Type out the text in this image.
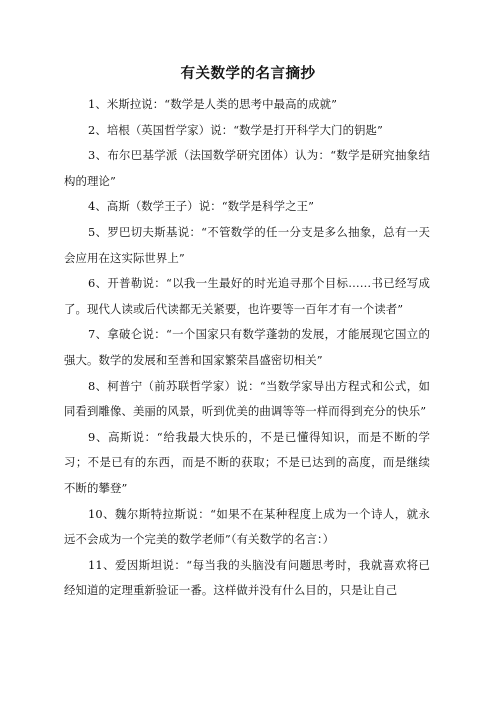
有关数学的名言摘抄

1、米斯拉说：“数学是人类的思考中最高的成就”

2、培根（英国哲学家）说：“数学是打开科学大门的钥匙”

3、布尔巴基学派（法国数学研究团体）认为：“数学是研究抽象结构的理论”

4、高斯（数学王子）说：“数学是科学之王”

5、罗巴切夫斯基说：“不管数学的任一分支是多么抽象，总有一天会应用在这实际世界上”

6、开普勒说：“以我一生最好的时光追寻那个目标……书已经写成了。现代人读或后代读都无关紧要，也许要等一百年才有一个读者”

7、拿破仑说：“一个国家只有数学蓬勃的发展，才能展现它国立的强大。数学的发展和至善和国家繁荣昌盛密切相关”

8、柯普宁（前苏联哲学家）说：“当数学家导出方程式和公式，如同看到雕像、美丽的风景，听到优美的曲调等等一样而得到充分的快乐”

9、高斯说：“给我最大快乐的，不是已懂得知识，而是不断的学习；不是已有的东西，而是不断的获取；不是已达到的高度，而是继续不断的攀登”

10、魏尔斯特拉斯说：“如果不在某种程度上成为一个诗人，就永远不会成为一个完美的数学老师”（有关数学的名言：）

11、爱因斯坦说：“每当我的头脑没有问题思考时，我就喜欢将已经知道的定理重新验证一番。这样做并没有什么目的，只是让自己
